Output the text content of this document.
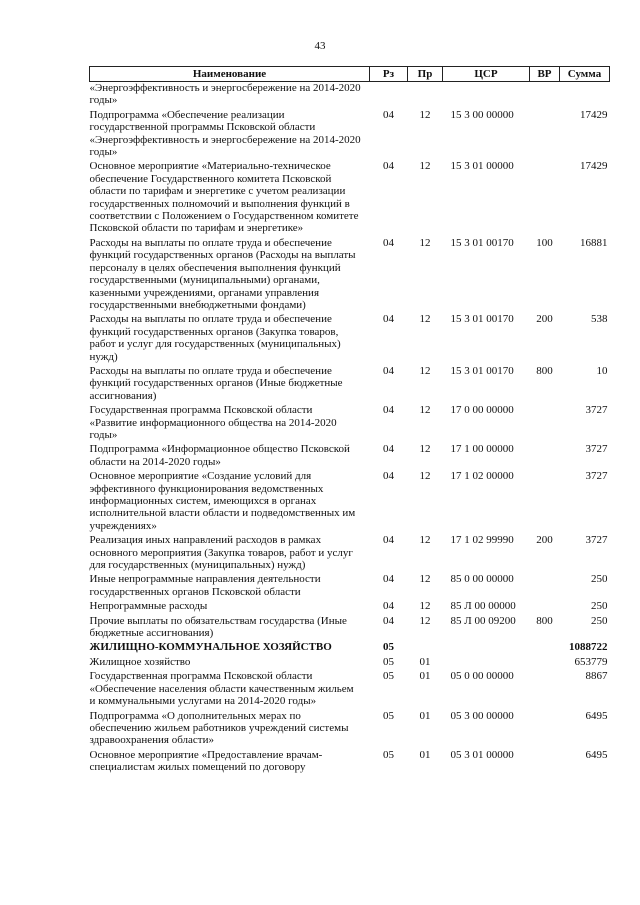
43
Наименование	Рз	Пр	ЦСР	ВР	Сумма
«Энергоэффективность и энергосбережение на 2014-2020 годы»					
Подпрограмма «Обеспечение реализации государственной программы Псковской области «Энергоэффективность и энергосбережение на 2014-2020 годы»	04	12	15 3 00 00000		17429
Основное мероприятие «Материально-техническое обеспечение Государственного комитета Псковской области по тарифам и энергетике с учетом реализации государственных полномочий и выполнения функций в соответствии с Положением о Государственном комитете Псковской области по тарифам и энергетике»	04	12	15 3 01 00000		17429
Расходы на выплаты по оплате труда и обеспечение функций государственных органов (Расходы на выплаты персоналу в целях обеспечения выполнения функций государственными (муниципальными) органами, казенными учреждениями, органами управления государственными внебюджетными фондами)	04	12	15 3 01 00170	100	16881
Расходы на выплаты по оплате труда и обеспечение функций государственных органов (Закупка товаров, работ и услуг для государственных (муниципальных) нужд)	04	12	15 3 01 00170	200	538
Расходы на выплаты по оплате труда и обеспечение функций государственных органов (Иные бюджетные ассигнования)	04	12	15 3 01 00170	800	10
Государственная программа Псковской области «Развитие информационного общества на 2014-2020 годы»	04	12	17 0 00 00000		3727
Подпрограмма «Информационное общество Псковской области на 2014-2020 годы»	04	12	17 1 00 00000		3727
Основное мероприятие «Создание условий для эффективного функционирования ведомственных информационных систем, имеющихся в органах исполнительной власти области и подведомственных им учреждениях»	04	12	17 1 02 00000		3727
Реализация иных направлений расходов в рамках основного мероприятия (Закупка товаров, работ и услуг для государственных (муниципальных) нужд)	04	12	17 1 02 99990	200	3727
Иные непрограммные направления деятельности государственных органов Псковской области	04	12	85 0 00 00000		250
Непрограммные расходы	04	12	85 Л 00 00000		250
Прочие выплаты по обязательствам государства (Иные бюджетные ассигнования)	04	12	85 Л 00 09200	800	250
ЖИЛИЩНО-КОММУНАЛЬНОЕ ХОЗЯЙСТВО	05				1088722
Жилищное хозяйство	05	01			653779
Государственная программа Псковской области «Обеспечение населения области качественным жильем и коммунальными услугами на 2014-2020 годы»	05	01	05 0 00 00000		8867
Подпрограмма «О дополнительных мерах по обеспечению жильем работников учреждений системы здравоохранения области»	05	01	05 3 00 00000		6495
Основное мероприятие «Предоставление врачам-специалистам жилых помещений по договору	05	01	05 3 01 00000		6495
